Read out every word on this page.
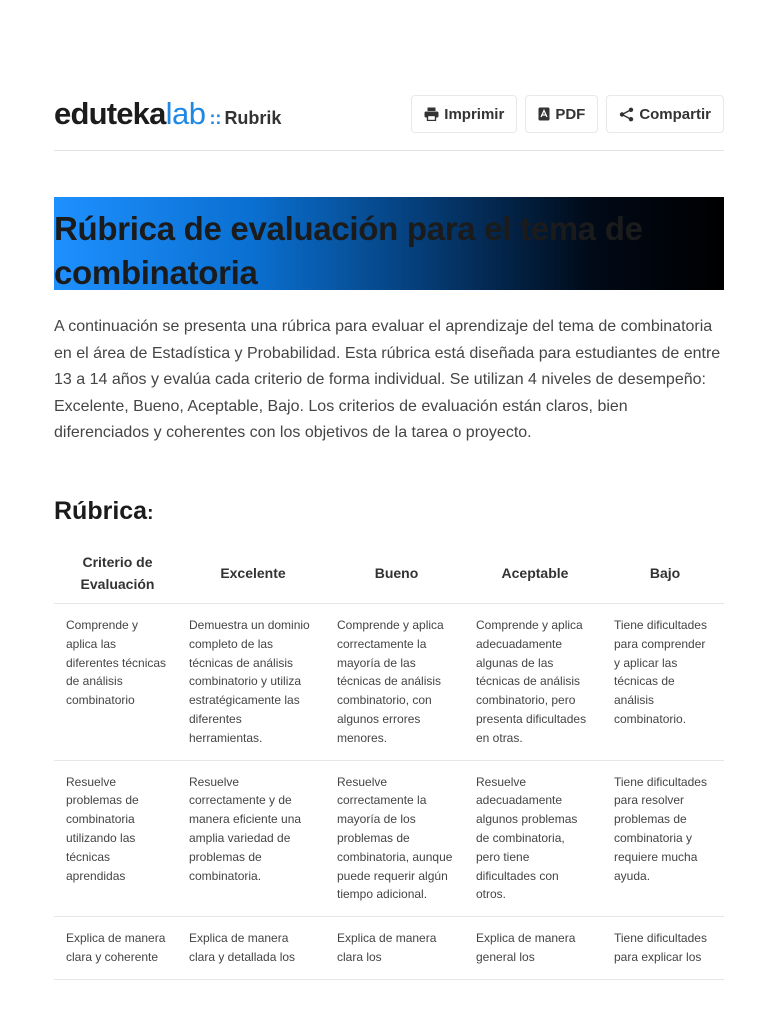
eduteka lab :: Rubrik	Imprimir	PDF	Compartir
Rúbrica de evaluación para el tema de combinatoria

A continuación se presenta una rúbrica para evaluar el aprendizaje del tema de combinatoria en el área de Estadística y Probabilidad. Esta rúbrica está diseñada para estudiantes de entre 13 a 14 años y evalúa cada criterio de forma individual. Se utilizan 4 niveles de desempeño: Excelente, Bueno, Aceptable, Bajo. Los criterios de evaluación están claros, bien diferenciados y coherentes con los objetivos de la tarea o proyecto.

Rúbrica:
Criterio de Evaluación	Excelente	Bueno	Aceptable	Bajo
Comprende y aplica las diferentes técnicas de análisis combinatorio	Demuestra un dominio completo de las técnicas de análisis combinatorio y utiliza estratégicamente las diferentes herramientas.	Comprende y aplica correctamente la mayoría de las técnicas de análisis combinatorio, con algunos errores menores.	Comprende y aplica adecuadamente algunas de las técnicas de análisis combinatorio, pero presenta dificultades en otras.	Tiene dificultades para comprender y aplicar las técnicas de análisis combinatorio.
Resuelve problemas de combinatoria utilizando las técnicas aprendidas	Resuelve correctamente y de manera eficiente una amplia variedad de problemas de combinatoria.	Resuelve correctamente la mayoría de los problemas de combinatoria, aunque puede requerir algún tiempo adicional.	Resuelve adecuadamente algunos problemas de combinatoria, pero tiene dificultades con otros.	Tiene dificultades para resolver problemas de combinatoria y requiere mucha ayuda.
Explica de manera clara y coherente	Explica de manera clara y detallada los	Explica de manera clara los	Explica de manera general los	Tiene dificultades para explicar los
